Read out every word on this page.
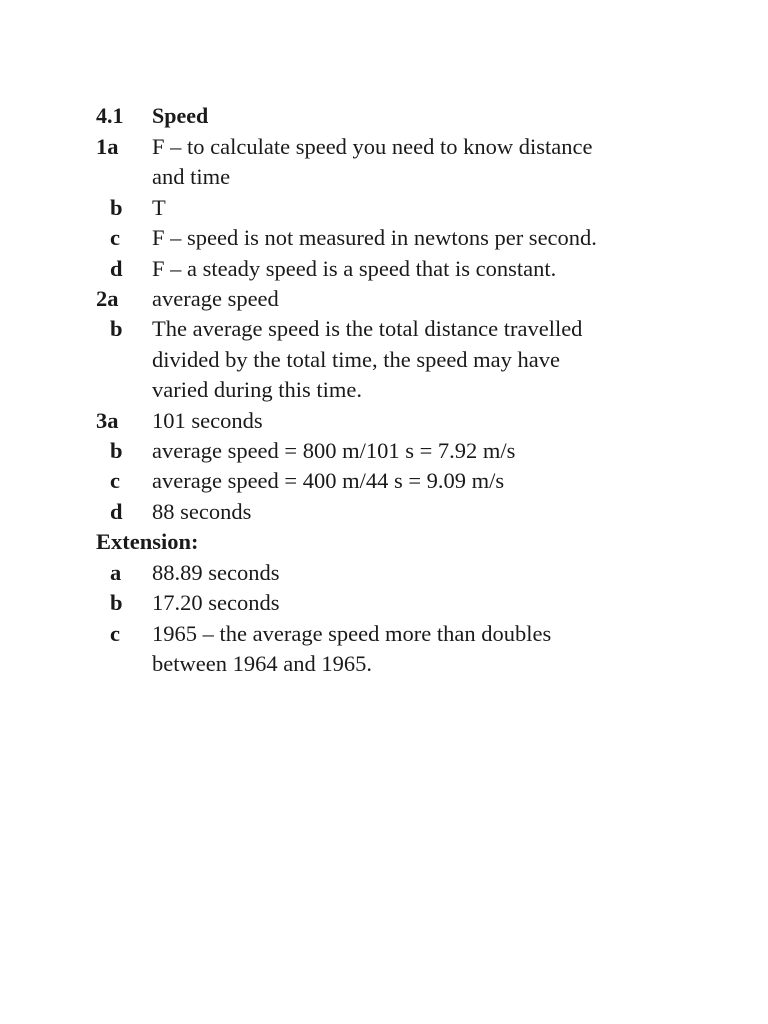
4.1	Speed
1a	F – to calculate speed you need to know distance
and time
b	T
c	F – speed is not measured in newtons per second.
d	F – a steady speed is a speed that is constant.
2a	average speed
b	The average speed is the total distance travelled
divided by the total time, the speed may have
varied during this time.
3a	101 seconds
b	average speed = 800 m/101 s = 7.92 m/s
c	average speed = 400 m/44 s = 9.09 m/s
d	88 seconds
Extension:
a	88.89 seconds
b	17.20 seconds
c	1965 – the average speed more than doubles
between 1964 and 1965.
